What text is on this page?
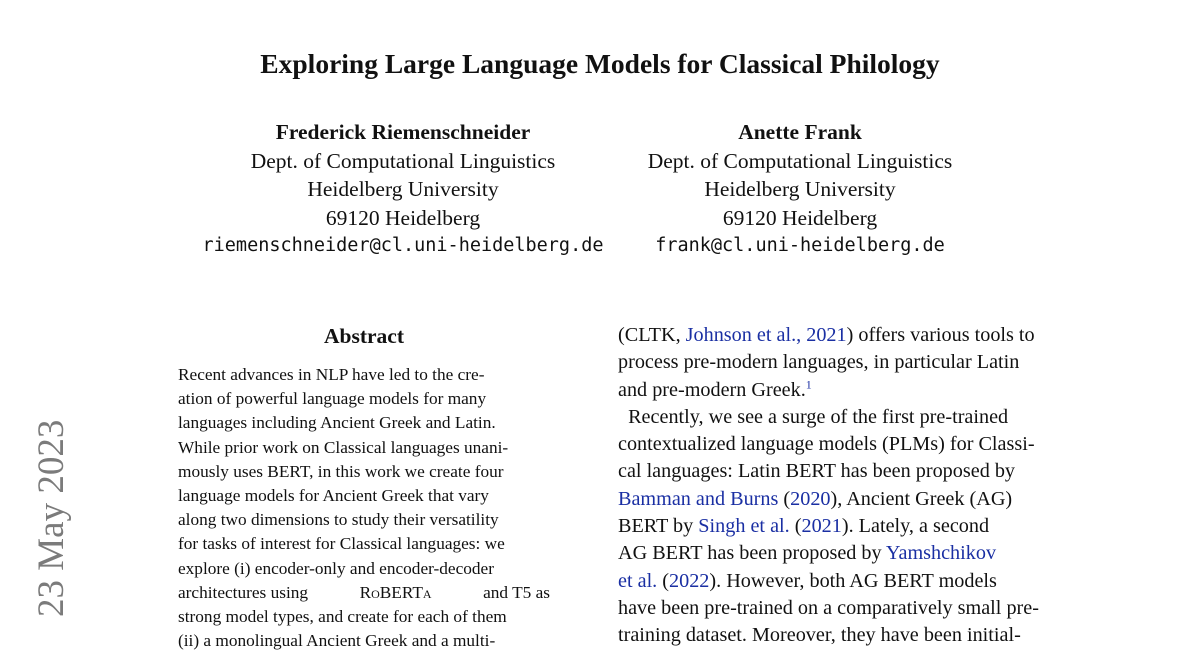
23 May 2023
Exploring Large Language Models for Classical Philology
Frederick Riemenschneider
Dept. of Computational Linguistics
Heidelberg University
69120 Heidelberg
riemenschneider@cl.uni-heidelberg.de
Anette Frank
Dept. of Computational Linguistics
Heidelberg University
69120 Heidelberg
frank@cl.uni-heidelberg.de
Abstract
Recent advances in NLP have led to the cre-
ation of powerful language models for many
languages including Ancient Greek and Latin.
While prior work on Classical languages unani-
mously uses BERT, in this work we create four
language models for Ancient Greek that vary
along two dimensions to study their versatility
for tasks of interest for Classical languages: we
explore (i) encoder-only and encoder-decoder
architectures using	RoBERTa	and T5 as
strong model types, and create for each of them
(ii) a monolingual Ancient Greek and a multi-
(CLTK, Johnson et al., 2021) offers various tools to
process pre-modern languages, in particular Latin
and pre-modern Greek.$^1$
Recently, we see a surge of the first pre-trained
contextualized language models (PLMs) for Classi-
cal languages: Latin BERT has been proposed by
Bamman and Burns (2020), Ancient Greek (AG)
BERT by Singh et al. (2021). Lately, a second
AG BERT has been proposed by Yamshchikov
et al. (2022). However, both AG BERT models
have been pre-trained on a comparatively small pre-
training dataset. Moreover, they have been initial-
